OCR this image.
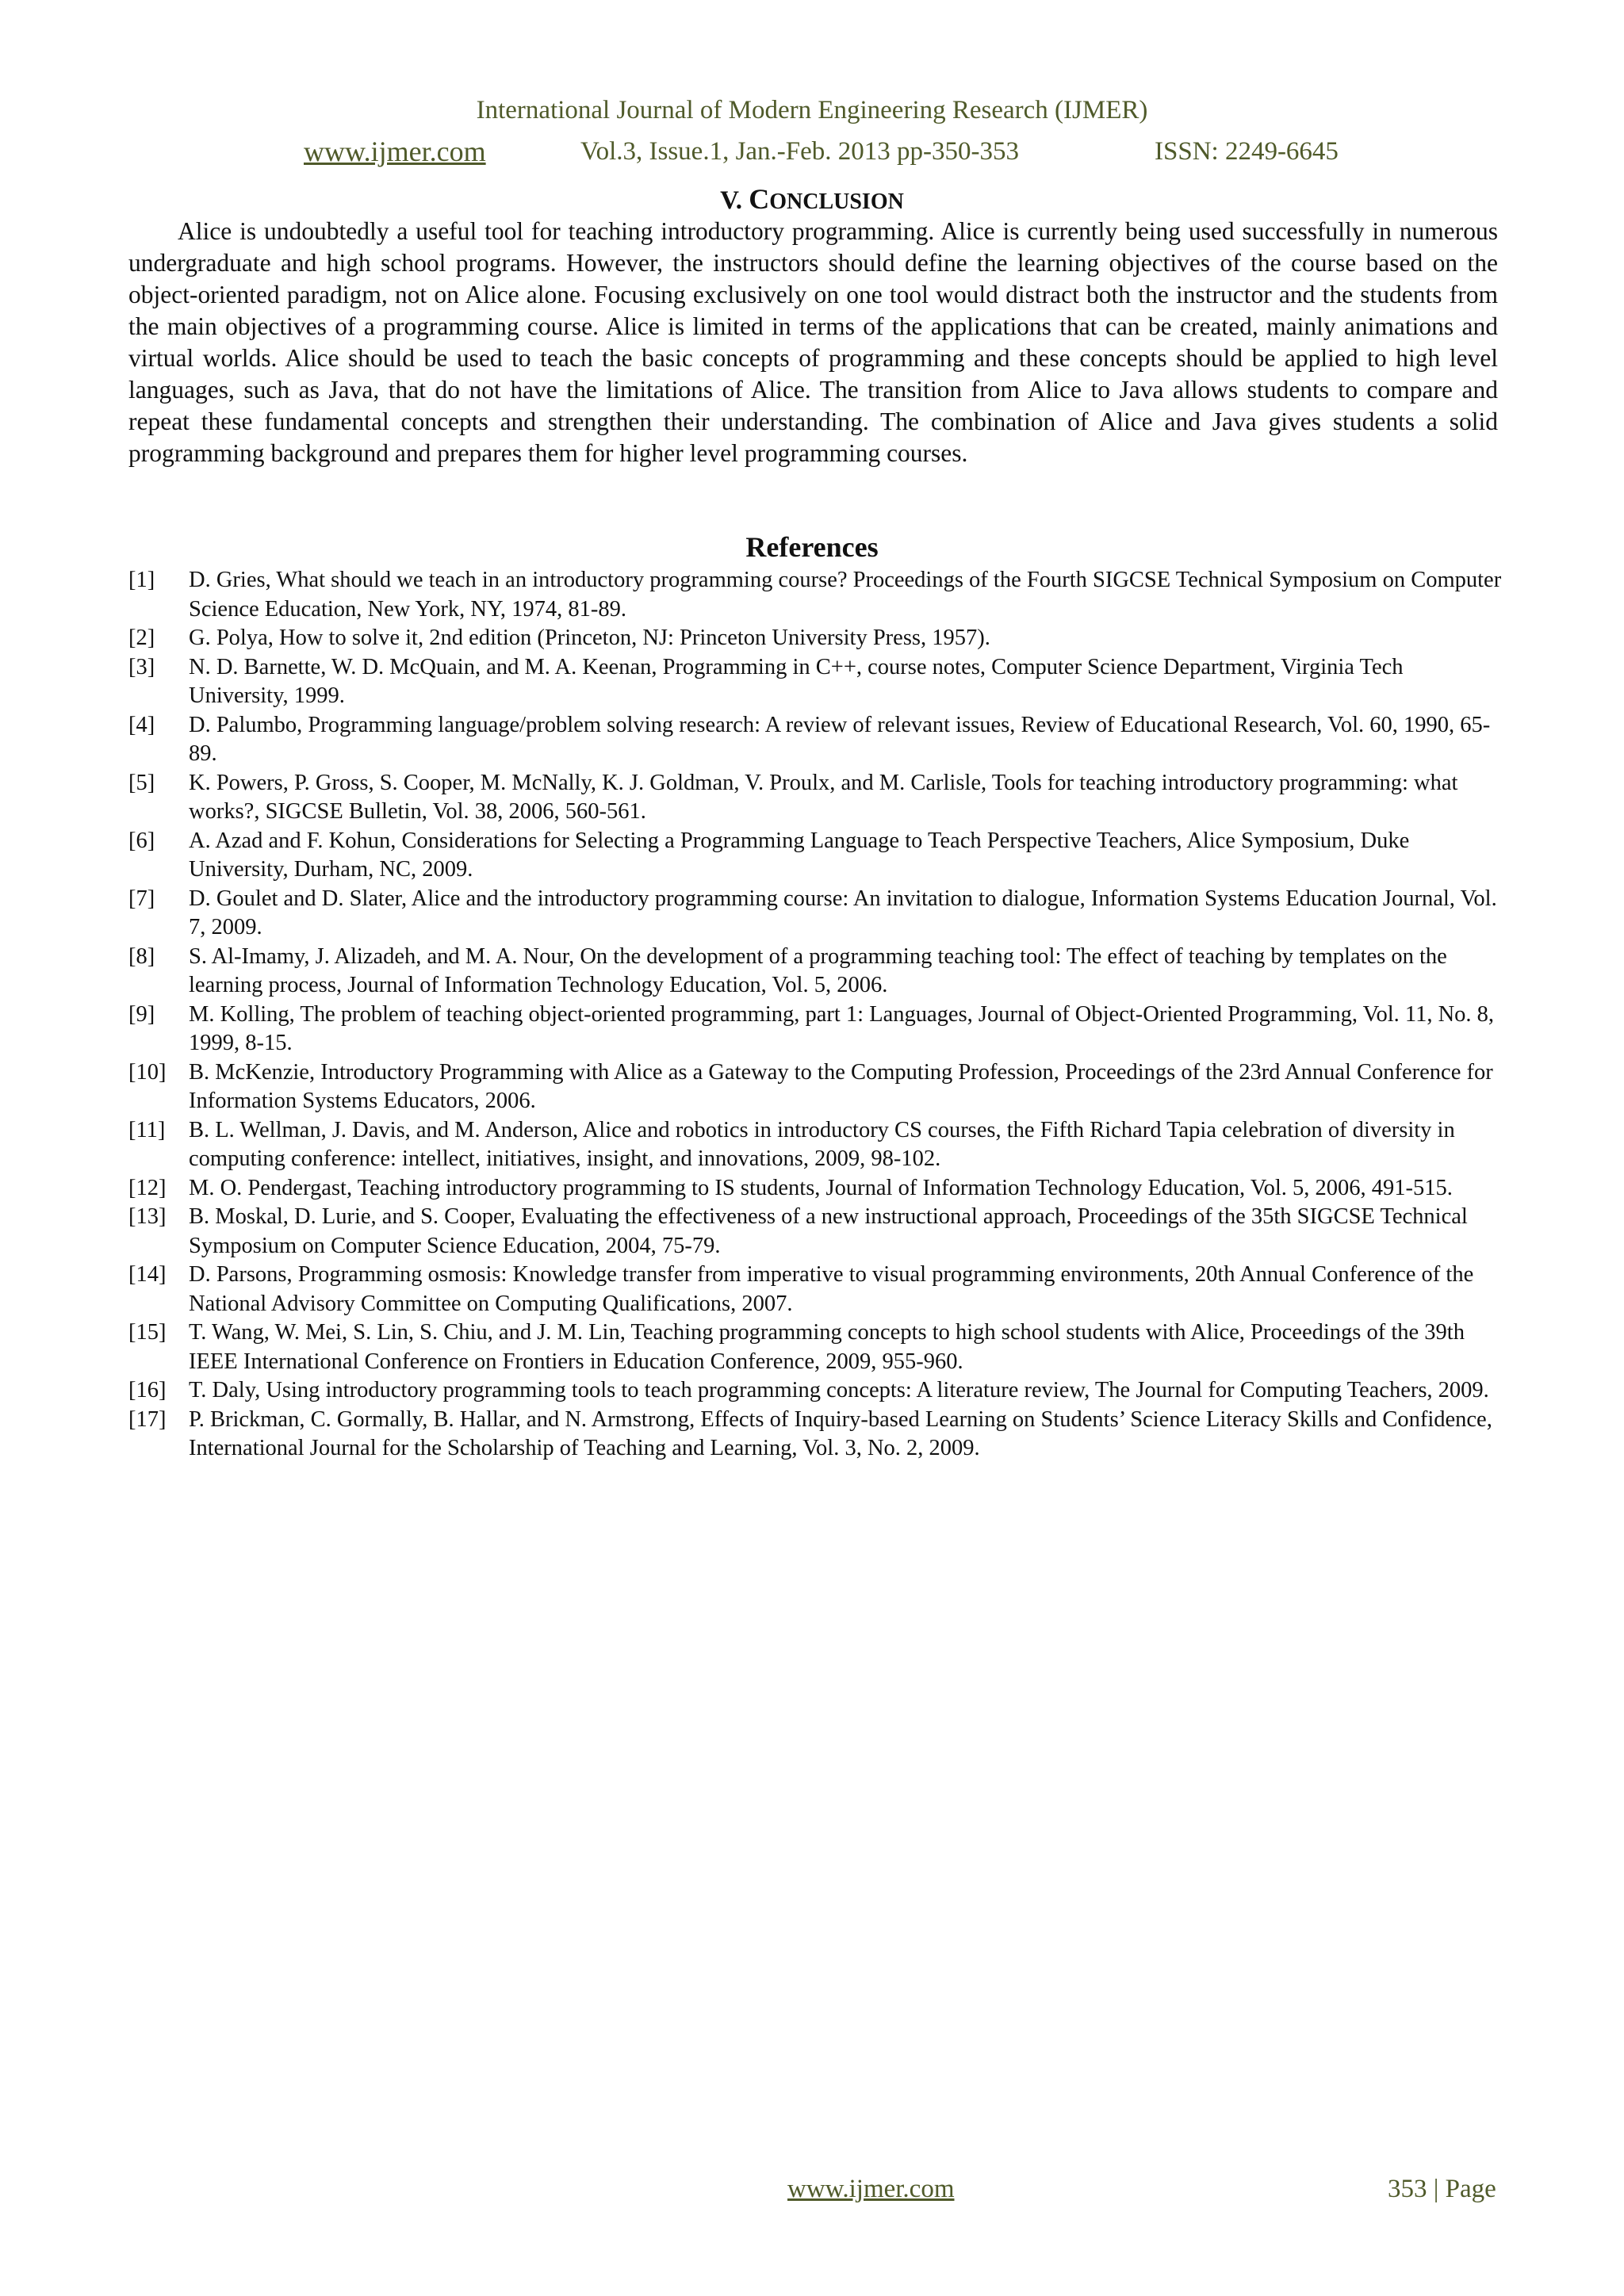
International Journal of Modern Engineering Research (IJMER)
www.ijmer.com	Vol.3, Issue.1, Jan.-Feb. 2013 pp-350-353	ISSN: 2249-6645
V. CONCLUSION

Alice is undoubtedly a useful tool for teaching introductory programming. Alice is currently being used successfully in numerous undergraduate and high school programs. However, the instructors should define the learning objectives of the course based on the object-oriented paradigm, not on Alice alone. Focusing exclusively on one tool would distract both the instructor and the students from the main objectives of a programming course. Alice is limited in terms of the applications that can be created, mainly animations and virtual worlds. Alice should be used to teach the basic concepts of programming and these concepts should be applied to high level languages, such as Java, that do not have the limitations of Alice. The transition from Alice to Java allows students to compare and repeat these fundamental concepts and strengthen their understanding. The combination of Alice and Java gives students a solid programming background and prepares them for higher level programming courses.

References
[1]	D. Gries, What should we teach in an introductory programming course? Proceedings of the Fourth SIGCSE Technical Symposium on Computer Science Education, New York, NY, 1974, 81-89.
[2]	G. Polya, How to solve it, 2nd edition (Princeton, NJ: Princeton University Press, 1957).
[3]	N. D. Barnette, W. D. McQuain, and M. A. Keenan, Programming in C++, course notes, Computer Science Department, Virginia Tech University, 1999.
[4]	D. Palumbo, Programming language/problem solving research: A review of relevant issues, Review of Educational Research, Vol. 60, 1990, 65-89.
[5]	K. Powers, P. Gross, S. Cooper, M. McNally, K. J. Goldman, V. Proulx, and M. Carlisle, Tools for teaching introductory programming: what works?, SIGCSE Bulletin, Vol. 38, 2006, 560-561.
[6]	A. Azad and F. Kohun, Considerations for Selecting a Programming Language to Teach Perspective Teachers, Alice Symposium, Duke University, Durham, NC, 2009.
[7]	D. Goulet and D. Slater, Alice and the introductory programming course: An invitation to dialogue, Information Systems Education Journal, Vol. 7, 2009.
[8]	S. Al-Imamy, J. Alizadeh, and M. A. Nour, On the development of a programming teaching tool: The effect of teaching by templates on the learning process, Journal of Information Technology Education, Vol. 5, 2006.
[9]	M. Kolling, The problem of teaching object-oriented programming, part 1: Languages, Journal of Object-Oriented Programming, Vol. 11, No. 8, 1999, 8-15.
[10]	B. McKenzie, Introductory Programming with Alice as a Gateway to the Computing Profession, Proceedings of the 23rd Annual Conference for Information Systems Educators, 2006.
[11]	B. L. Wellman, J. Davis, and M. Anderson, Alice and robotics in introductory CS courses, the Fifth Richard Tapia celebration of diversity in computing conference: intellect, initiatives, insight, and innovations, 2009, 98-102.
[12]	M. O. Pendergast, Teaching introductory programming to IS students, Journal of Information Technology Education, Vol. 5, 2006, 491-515.
[13]	B. Moskal, D. Lurie, and S. Cooper, Evaluating the effectiveness of a new instructional approach, Proceedings of the 35th SIGCSE Technical Symposium on Computer Science Education, 2004, 75-79.
[14]	D. Parsons, Programming osmosis: Knowledge transfer from imperative to visual programming environments, 20th Annual Conference of the National Advisory Committee on Computing Qualifications, 2007.
[15]	T. Wang, W. Mei, S. Lin, S. Chiu, and J. M. Lin, Teaching programming concepts to high school students with Alice, Proceedings of the 39th IEEE International Conference on Frontiers in Education Conference, 2009, 955-960.
[16]	T. Daly, Using introductory programming tools to teach programming concepts: A literature review, The Journal for Computing Teachers, 2009.
[17]	P. Brickman, C. Gormally, B. Hallar, and N. Armstrong, Effects of Inquiry-based Learning on Students’ Science Literacy Skills and Confidence, International Journal for the Scholarship of Teaching and Learning, Vol. 3, No. 2, 2009.
www.ijmer.com	353 | Page
